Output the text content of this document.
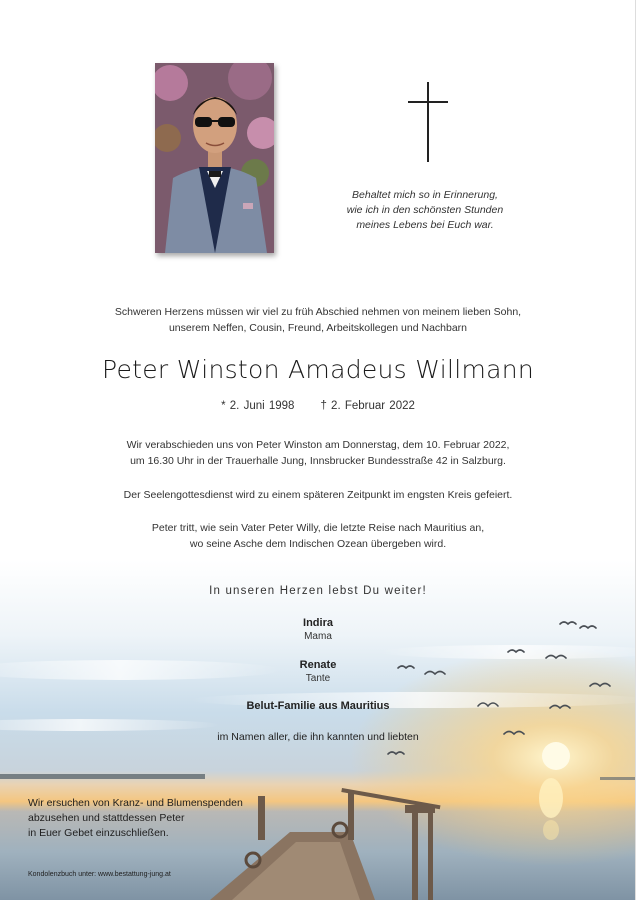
Behaltet mich so in Erinnerung,
wie ich in den schönsten Stunden
meines Lebens bei Euch war.
Schweren Herzens müssen wir viel zu früh Abschied nehmen von meinem lieben Sohn,
unserem Neffen, Cousin, Freund, Arbeitskollegen und Nachbarn
Peter Winston Amadeus Willmann
* 2. Juni 1998 † 2. Februar 2022
Wir verabschieden uns von Peter Winston am Donnerstag, dem 10. Februar 2022,
um 16.30 Uhr in der Trauerhalle Jung, Innsbrucker Bundesstraße 42 in Salzburg.
Der Seelengottesdienst wird zu einem späteren Zeitpunkt im engsten Kreis gefeiert.
Peter tritt, wie sein Vater Peter Willy, die letzte Reise nach Mauritius an,
wo seine Asche dem Indischen Ozean übergeben wird.
In unseren Herzen lebst Du weiter!
Indira
Mama
Renate
Tante
Belut-Familie aus Mauritius
im Namen aller, die ihn kannten und liebten
Wir ersuchen von Kranz- und Blumenspenden
abzusehen und stattdessen Peter
in Euer Gebet einzuschließen.
Kondolenzbuch unter: www.bestattung-jung.at
